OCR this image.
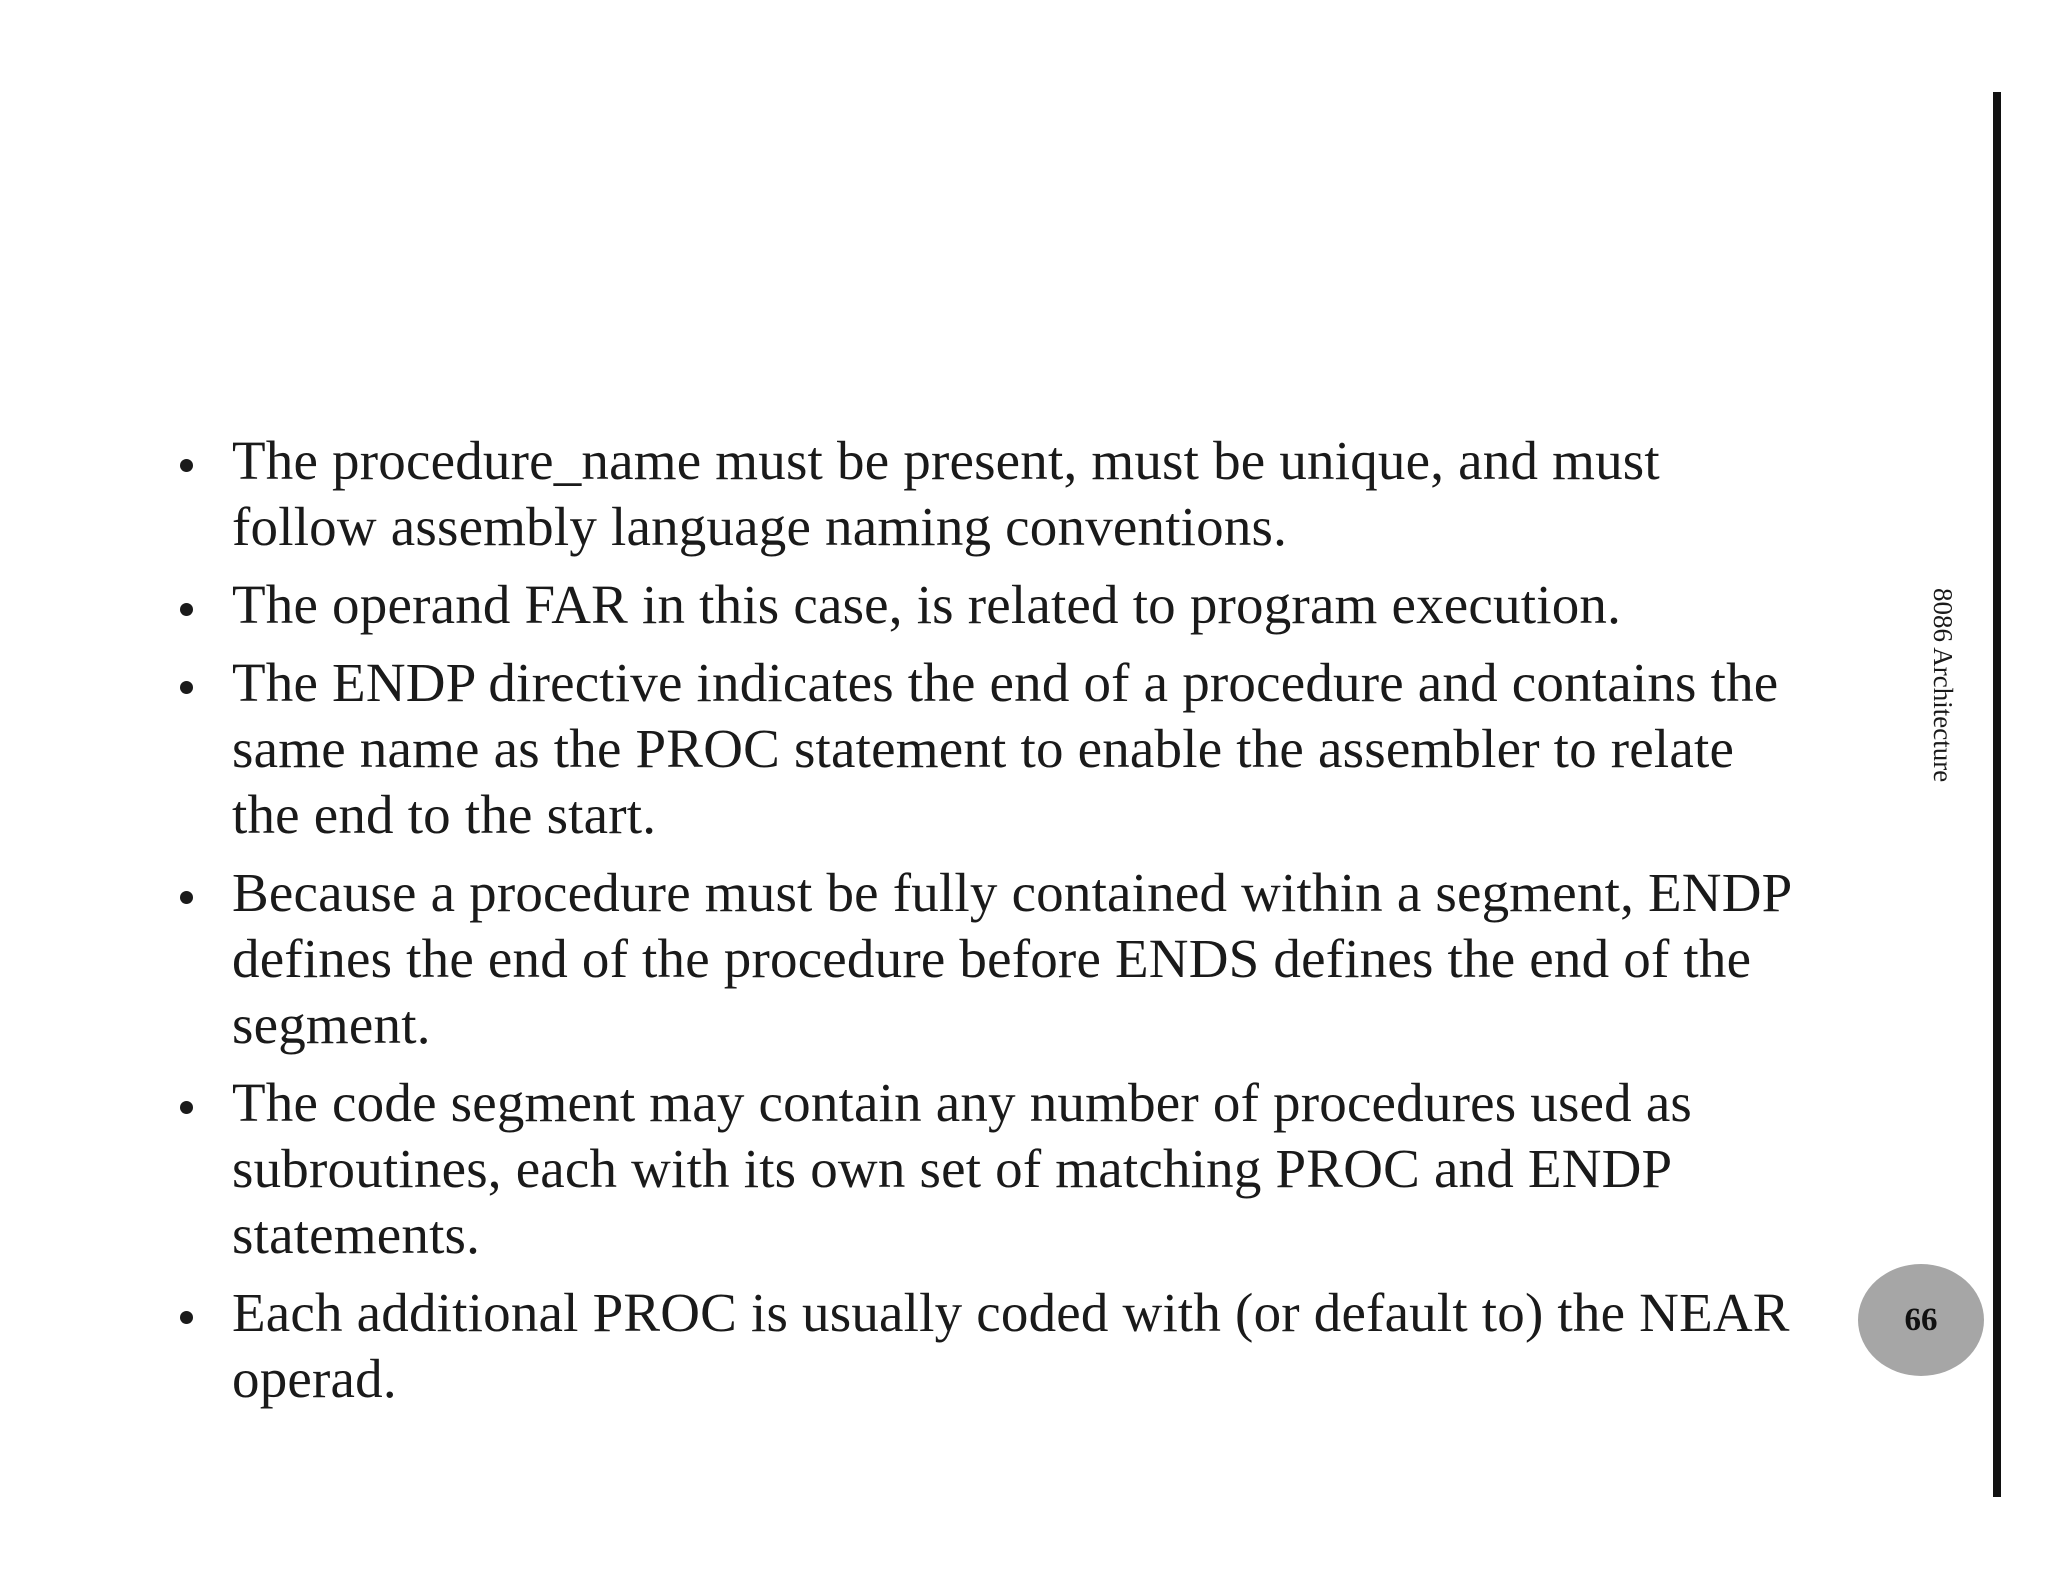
The procedure_name must be present, must be unique, and must follow assembly language naming conventions.
The operand FAR in this case, is related to program execution.
The ENDP directive indicates the end of a procedure and contains the same name as the PROC statement to enable the assembler to relate the end to the start.
Because a procedure must be fully contained within a segment, ENDP defines the end of the procedure before ENDS defines the end of the segment.
The code segment may contain any number of procedures used as subroutines, each with its own set of matching PROC and ENDP statements.
Each additional PROC is usually coded with (or default to) the NEAR operad.
8086 Architecture
66
